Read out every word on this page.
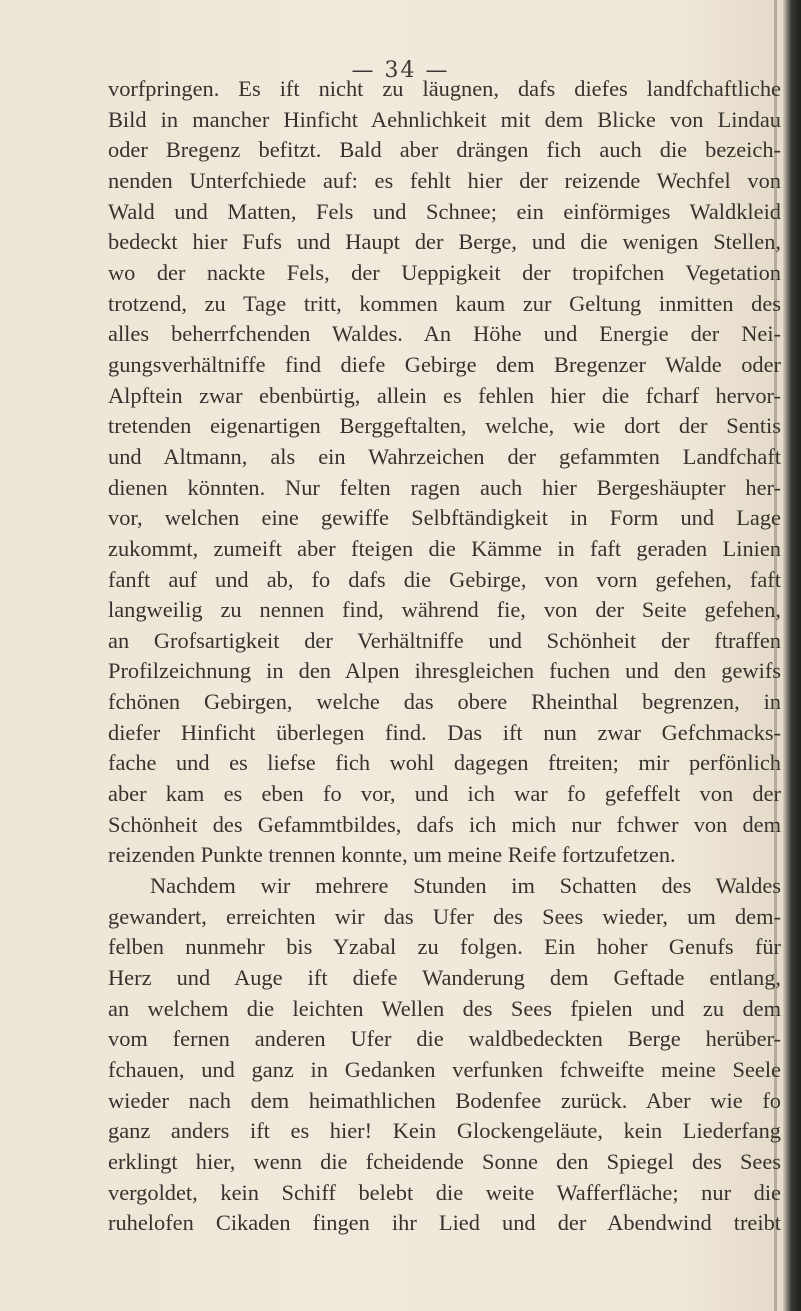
— 34 —
vorfpringen. Es ift nicht zu läugnen, dafs diefes landfchaftliche
Bild in mancher Hinficht Aehnlichkeit mit dem Blicke von Lindau
oder Bregenz befitzt. Bald aber drängen fich auch die bezeich-
nenden Unterfchiede auf: es fehlt hier der reizende Wechfel von
Wald und Matten, Fels und Schnee; ein einförmiges Waldkleid
bedeckt hier Fufs und Haupt der Berge, und die wenigen Stellen,
wo der nackte Fels, der Ueppigkeit der tropifchen Vegetation
trotzend, zu Tage tritt, kommen kaum zur Geltung inmitten des
alles beherrfchenden Waldes. An Höhe und Energie der Nei-
gungsverhältniffe find diefe Gebirge dem Bregenzer Walde oder
Alpftein zwar ebenbürtig, allein es fehlen hier die fcharf hervor-
tretenden eigenartigen Berggeftalten, welche, wie dort der Sentis
und Altmann, als ein Wahrzeichen der gefammten Landfchaft
dienen könnten. Nur felten ragen auch hier Bergeshäupter her-
vor, welchen eine gewiffe Selbftändigkeit in Form und Lage
zukommt, zumeift aber fteigen die Kämme in faft geraden Linien
fanft auf und ab, fo dafs die Gebirge, von vorn gefehen, faft
langweilig zu nennen find, während fie, von der Seite gefehen,
an Grofsartigkeit der Verhältniffe und Schönheit der ftraffen
Profilzeichnung in den Alpen ihresgleichen fuchen und den gewifs
fchönen Gebirgen, welche das obere Rheinthal begrenzen, in
diefer Hinficht überlegen find. Das ift nun zwar Gefchmacks-
fache und es liefse fich wohl dagegen ftreiten; mir perfönlich
aber kam es eben fo vor, und ich war fo gefeffelt von der
Schönheit des Gefammtbildes, dafs ich mich nur fchwer von dem
reizenden Punkte trennen konnte, um meine Reife fortzufetzen.
Nachdem wir mehrere Stunden im Schatten des Waldes
gewandert, erreichten wir das Ufer des Sees wieder, um dem-
felben nunmehr bis Yzabal zu folgen. Ein hoher Genufs für
Herz und Auge ift diefe Wanderung dem Geftade entlang,
an welchem die leichten Wellen des Sees fpielen und zu dem
vom fernen anderen Ufer die waldbedeckten Berge herüber-
fchauen, und ganz in Gedanken verfunken fchweifte meine Seele
wieder nach dem heimathlichen Bodenfee zurück. Aber wie fo
ganz anders ift es hier! Kein Glockengeläute, kein Liederfang
erklingt hier, wenn die fcheidende Sonne den Spiegel des Sees
vergoldet, kein Schiff belebt die weite Wafferfläche; nur die
ruhelofen Cikaden fingen ihr Lied und der Abendwind treibt
